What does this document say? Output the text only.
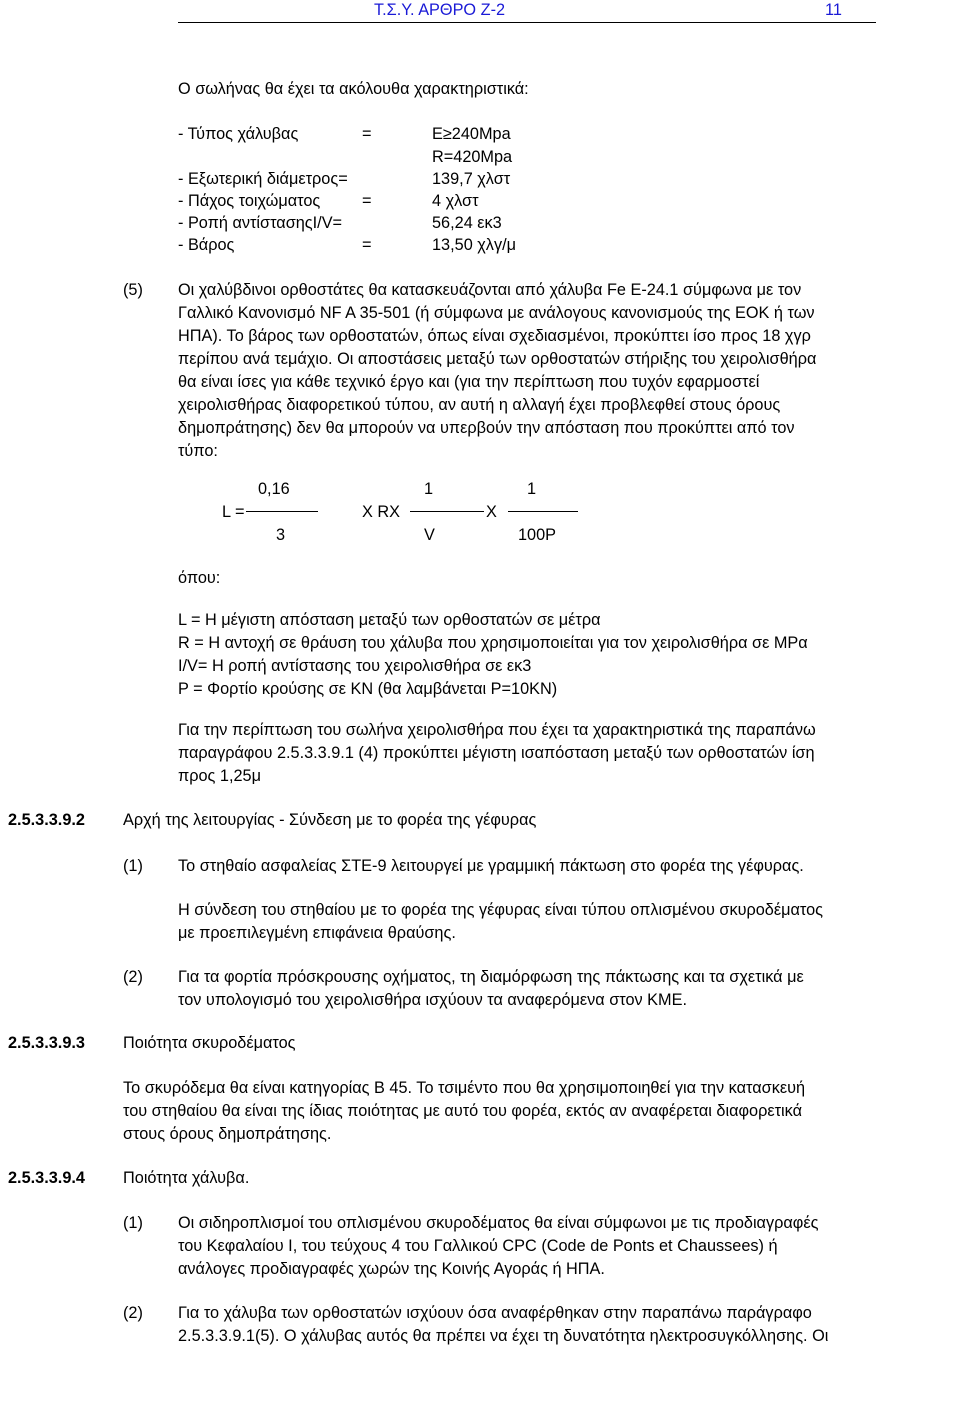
Τ.Σ.Υ. ΑΡΘΡΟ Ζ-2	11
Ο σωλήνας θα έχει τα ακόλουθα χαρακτηριστικά:
- Τύπος χάλυβας	=	E≥240Mpa
R=420Mpa
- Εξωτερική διάμετρος=	139,7 χλστ
- Πάχος τοιχώματος	=	4 χλστ
- Ροπή αντίστασηςI/V=	56,24 εκ3
- Βάρος	=	13,50 χλγ/μ
(5) Οι χαλύβδινοι ορθοστάτες θα κατασκευάζονται από χάλυβα Fe E-24.1 σύμφωνα με τον
Γαλλικό Κανονισμό NF A 35-501 (ή σύμφωνα με ανάλογους κανονισμούς της ΕΟΚ ή των
ΗΠΑ). Το βάρος των ορθοστατών, όπως είναι σχεδιασμένοι, προκύπτει ίσο προς 18 χγρ
περίπου ανά τεμάχιο. Οι αποστάσεις μεταξύ των ορθοστατών στήριξης του χειρολισθήρα
θα είναι ίσες για κάθε τεχνικό έργο και (για την περίπτωση που τυχόν εφαρμοστεί
χειρολισθήρας διαφορετικού τύπου, αν αυτή η αλλαγή έχει προβλεφθεί στους όρους
δημοπράτησης) δεν θα μπορούν να υπερβούν την απόσταση που προκύπτει από τον
τύπο:
L =
0,16
3
X RX
1
V
X
1
100P
όπου:
L = Η μέγιστη απόσταση μεταξύ των ορθοστατών σε μέτρα
R = Η αντοχή σε θράυση του χάλυβα που χρησιμοποιείται για τον χειρολισθήρα σε MPα
I/V= Η ροπή αντίστασης του χειρολισθήρα σε εκ3
P = Φορτίο κρούσης σε KN (θα λαμβάνεται P=10KN)
Για την περίπτωση του σωλήνα χειρολισθήρα που έχει τα χαρακτηριστικά της παραπάνω
παραγράφου 2.5.3.3.9.1 (4) προκύπτει μέγιστη ισαπόσταση μεταξύ των ορθοστατών ίση
προς 1,25μ
2.5.3.3.9.2 Αρχή της λειτουργίας - Σύνδεση με το φορέα της γέφυρας
(1) Το στηθαίο ασφαλείας ΣΤΕ-9 λειτουργεί με γραμμική πάκτωση στο φορέα της γέφυρας.
Η σύνδεση του στηθαίου με το φορέα της γέφυρας είναι τύπου οπλισμένου σκυροδέματος
με προεπιλεγμένη επιφάνεια θραύσης.
(2) Για τα φορτία πρόσκρουσης οχήματος, τη διαμόρφωση της πάκτωσης και τα σχετικά με
τον υπολογισμό του χειρολισθήρα ισχύουν τα αναφερόμενα στον ΚΜΕ.
2.5.3.3.9.3 Ποιότητα σκυροδέματος
Το σκυρόδεμα θα είναι κατηγορίας Β 45. Το τσιμέντο που θα χρησιμοποιηθεί για την κατασκευή
του στηθαίου θα είναι της ίδιας ποιότητας με αυτό του φορέα, εκτός αν αναφέρεται διαφορετικά
στους όρους δημοπράτησης.
2.5.3.3.9.4 Ποιότητα χάλυβα.
(1) Οι σιδηροπλισμοί του οπλισμένου σκυροδέματος θα είναι σύμφωνοι με τις προδιαγραφές
του Κεφαλαίου Ι, του τεύχους 4 του Γαλλικού CPC (Code de Ponts et Chaussees) ή
ανάλογες προδιαγραφές χωρών της Κοινής Αγοράς ή ΗΠΑ.
(2) Για το χάλυβα των ορθοστατών ισχύουν όσα αναφέρθηκαν στην παραπάνω παράγραφο
2.5.3.3.9.1(5). Ο χάλυβας αυτός θα πρέπει να έχει τη δυνατότητα ηλεκτροσυγκόλλησης. Οι
